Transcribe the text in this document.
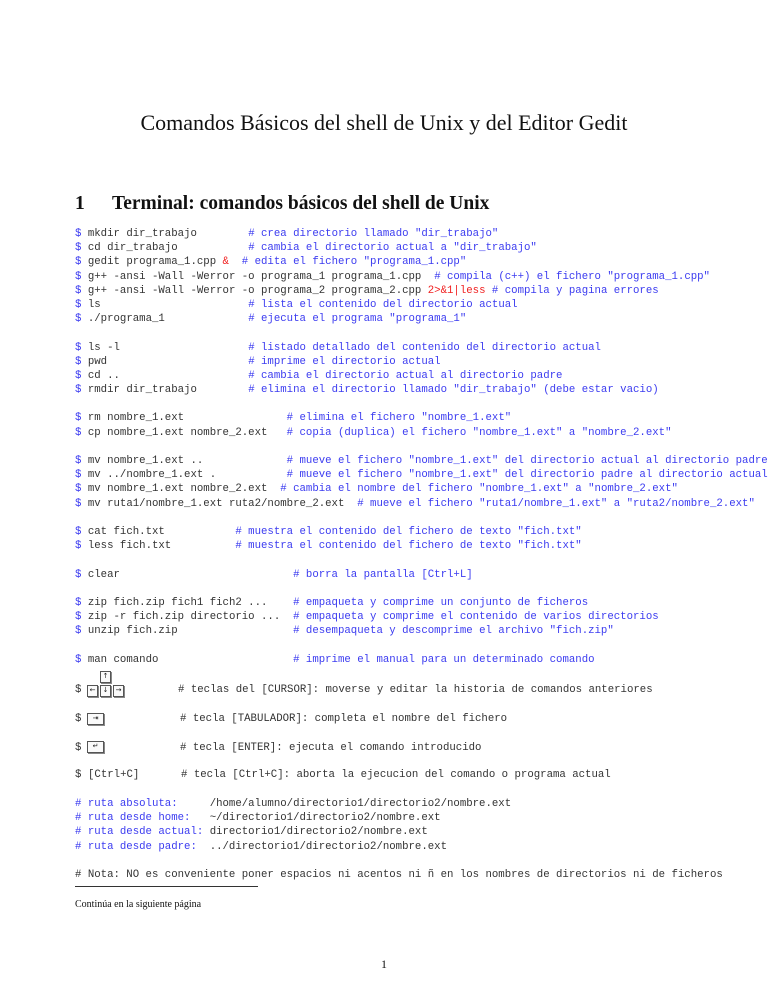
Comandos Básicos del shell de Unix y del Editor Gedit
1 Terminal: comandos básicos del shell de Unix
$ mkdir dir_trabajo        # crea directorio llamado "dir_trabajo"
$ cd dir_trabajo           # cambia el directorio actual a "dir_trabajo"
$ gedit programa_1.cpp & # edita el fichero "programa_1.cpp"
$ g++ -ansi -Wall -Werror -o programa_1 programa_1.cpp  # compila (c++) el fichero "programa_1.cpp"
$ g++ -ansi -Wall -Werror -o programa_2 programa_2.cpp 2>&1|less # compila y pagina errores
$ ls                       # lista el contenido del directorio actual
$ ./programa_1             # ejecuta el programa "programa_1"
$ ls -l                    # listado detallado del contenido del directorio actual
$ pwd                      # imprime el directorio actual
$ cd ..                    # cambia el directorio actual al directorio padre
$ rmdir dir_trabajo        # elimina el directorio llamado "dir_trabajo" (debe estar vacio)
$ rm nombre_1.ext                # elimina el fichero "nombre_1.ext"
$ cp nombre_1.ext nombre_2.ext   # copia (duplica) el fichero "nombre_1.ext" a "nombre_2.ext"
$ mv nombre_1.ext ..             # mueve el fichero "nombre_1.ext" del directorio actual al directorio padre
$ mv ../nombre_1.ext .           # mueve el fichero "nombre_1.ext" del directorio padre al directorio actual
$ mv nombre_1.ext nombre_2.ext  # cambia el nombre del fichero "nombre_1.ext" a "nombre_2.ext"
$ mv ruta1/nombre_1.ext ruta2/nombre_2.ext  # mueve el fichero "ruta1/nombre_1.ext" a "ruta2/nombre_2.ext"
$ cat fich.txt           # muestra el contenido del fichero de texto "fich.txt"
$ less fich.txt          # muestra el contenido del fichero de texto "fich.txt"
$ clear                           # borra la pantalla [Ctrl+L]
$ zip fich.zip fich1 fich2 ...    # empaqueta y comprime un conjunto de ficheros
$ zip -r fich.zip directorio ...  # empaqueta y comprime el contenido de varios directorios
$ unzip fich.zip                  # desempaqueta y descomprime el archivo "fich.zip"
$ man comando                     # imprime el manual para un determinado comando
$
↑
←	↓	→	# teclas del [CURSOR]: moverse y editar la historia de comandos anteriores
$	⇥	# tecla [TABULADOR]: completa el nombre del fichero
$	↵	# tecla [ENTER]: ejecuta el comando introducido
$ [Ctrl+C]	# tecla [Ctrl+C]: aborta la ejecucion del comando o programa actual
# ruta absoluta:     /home/alumno/directorio1/directorio2/nombre.ext
# ruta desde home:   ~/directorio1/directorio2/nombre.ext
# ruta desde actual: directorio1/directorio2/nombre.ext
# ruta desde padre:  ../directorio1/directorio2/nombre.ext
# Nota: NO es conveniente poner espacios ni acentos ni ñ en los nombres de directorios ni de ficheros
Continúa en la siguiente página
1
